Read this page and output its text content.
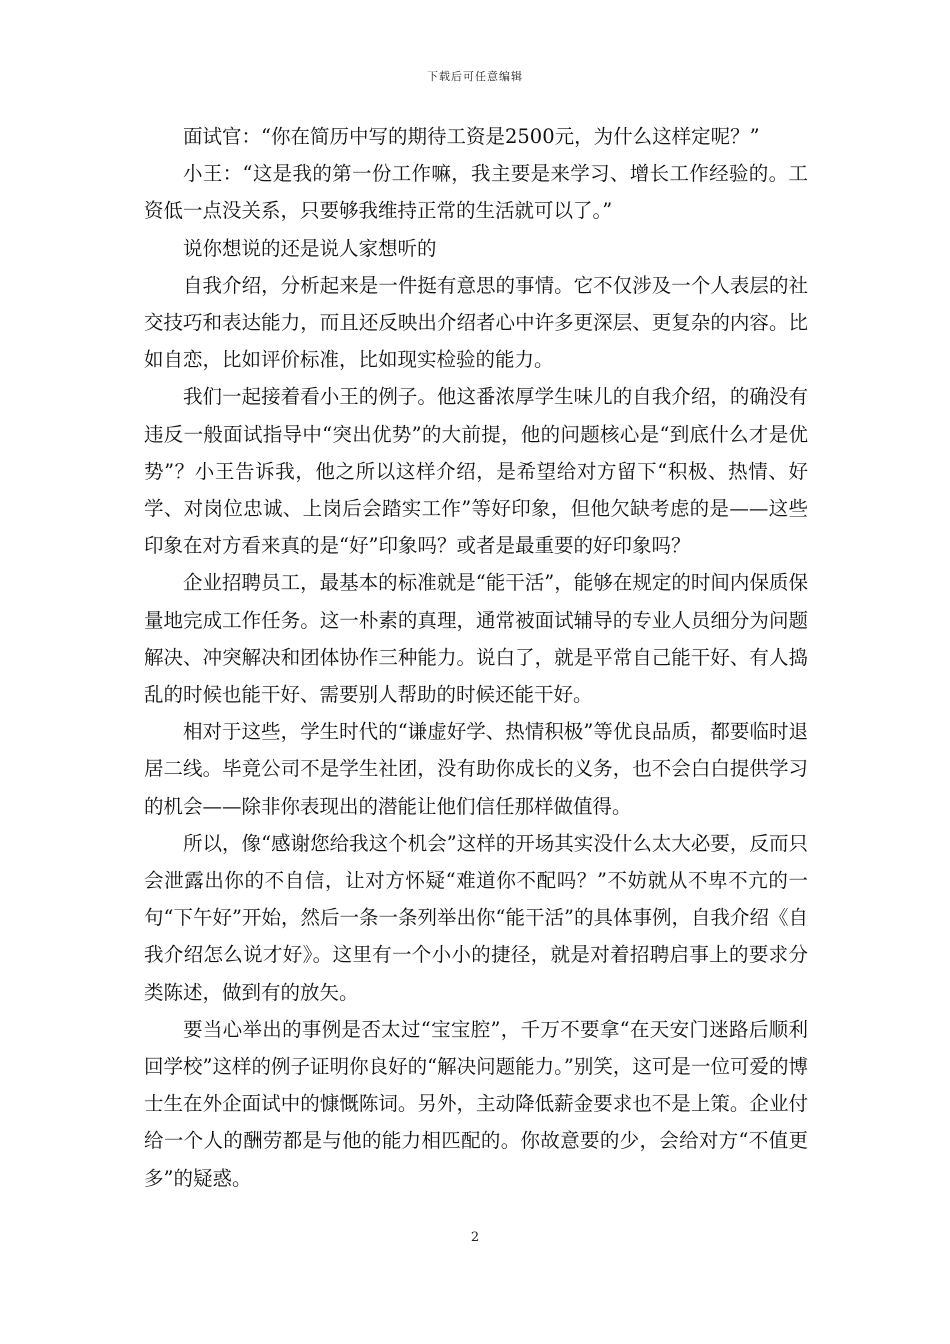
下载后可任意编辑

面试官：“你在简历中写的期待工资是2500元，为什么这样定呢？”

小王：“这是我的第一份工作嘛，我主要是来学习、增长工作经验的。工资低一点没关系，只要够我维持正常的生活就可以了。”

说你想说的还是说人家想听的

自我介绍，分析起来是一件挺有意思的事情。它不仅涉及一个人表层的社交技巧和表达能力，而且还反映出介绍者心中许多更深层、更复杂的内容。比如自恋，比如评价标准，比如现实检验的能力。

我们一起接着看小王的例子。他这番浓厚学生味儿的自我介绍，的确没有违反一般面试指导中“突出优势”的大前提，他的问题核心是“到底什么才是优势”？小王告诉我，他之所以这样介绍，是希望给对方留下“积极、热情、好学、对岗位忠诚、上岗后会踏实工作”等好印象，但他欠缺考虑的是——这些印象在对方看来真的是“好”印象吗？或者是最重要的好印象吗？

企业招聘员工，最基本的标准就是“能干活”，能够在规定的时间内保质保量地完成工作任务。这一朴素的真理，通常被面试辅导的专业人员细分为问题解决、冲突解决和团体协作三种能力。说白了，就是平常自己能干好、有人捣乱的时候也能干好、需要别人帮助的时候还能干好。

相对于这些，学生时代的“谦虚好学、热情积极”等优良品质，都要临时退居二线。毕竟公司不是学生社团，没有助你成长的义务，也不会白白提供学习的机会——除非你表现出的潜能让他们信任那样做值得。

所以，像“感谢您给我这个机会”这样的开场其实没什么太大必要，反而只会泄露出你的不自信，让对方怀疑“难道你不配吗？”不妨就从不卑不亢的一句“下午好”开始，然后一条一条列举出你“能干活”的具体事例，自我介绍《自我介绍怎么说才好》。这里有一个小小的捷径，就是对着招聘启事上的要求分类陈述，做到有的放矢。

要当心举出的事例是否太过“宝宝腔”，千万不要拿“在天安门迷路后顺利回学校”这样的例子证明你良好的“解决问题能力。”别笑，这可是一位可爱的博士生在外企面试中的慷慨陈词。另外，主动降低薪金要求也不是上策。企业付给一个人的酬劳都是与他的能力相匹配的。你故意要的少，会给对方“不值更多”的疑惑。

2
